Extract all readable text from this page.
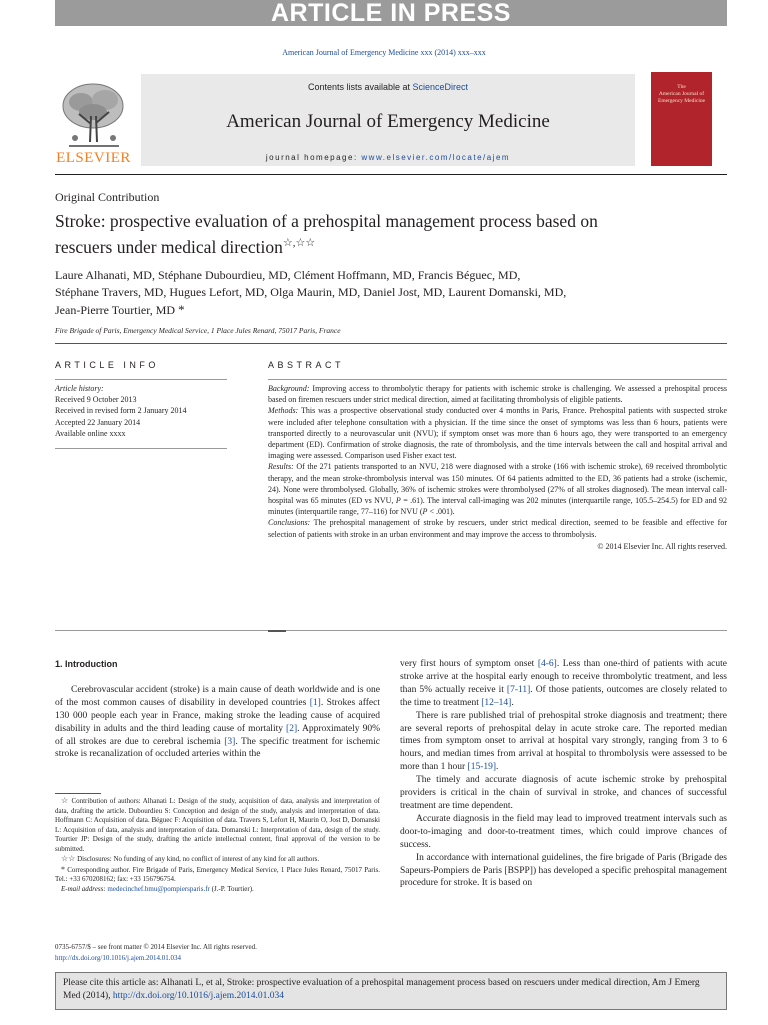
ARTICLE IN PRESS
American Journal of Emergency Medicine xxx (2014) xxx–xxx
ELSEVIER
Contents lists available at ScienceDirect
American Journal of Emergency Medicine
journal homepage: www.elsevier.com/locate/ajem
The
American Journal of
Emergency Medicine
Original Contribution
Stroke: prospective evaluation of a prehospital management process based on
rescuers under medical direction☆,☆☆
Laure Alhanati, MD, Stéphane Dubourdieu, MD, Clément Hoffmann, MD, Francis Béguec, MD,
Stéphane Travers, MD, Hugues Lefort, MD, Olga Maurin, MD, Daniel Jost, MD, Laurent Domanski, MD,
Jean-Pierre Tourtier, MD *
Fire Brigade of Paris, Emergency Medical Service, 1 Place Jules Renard, 75017 Paris, France
ARTICLE INFO	ABSTRACT
Article history:
Received 9 October 2013
Received in revised form 2 January 2014
Accepted 22 January 2014
Available online xxxx

Background: Improving access to thrombolytic therapy for patients with ischemic stroke is challenging. We assessed a prehospital process based on firemen rescuers under strict medical direction, aimed at facilitating thrombolysis of eligible patients.

Methods: This was a prospective observational study conducted over 4 months in Paris, France. Prehospital patients with suspected stroke were included after telephone consultation with a physician. If the time since the onset of symptoms was less than 6 hours, patients were transported directly to a neurovascular unit (NVU); if symptom onset was more than 6 hours ago, they were transported to an emergency department (ED). Confirmation of stroke diagnosis, the rate of thrombolysis, and the time intervals between the call and hospital arrival and imaging were assessed. Comparison used Fisher exact test.

Results: Of the 271 patients transported to an NVU, 218 were diagnosed with a stroke (166 with ischemic stroke), 69 received thrombolytic therapy, and the mean stroke-thrombolysis interval was 150 minutes. Of 64 patients admitted to the ED, 36 patients had a stroke (ischemic, 24). None were thrombolysed. Globally, 36% of ischemic strokes were thrombolysed (27% of all strokes diagnosed). The mean interval call-hospital was 65 minutes (ED vs NVU, P = .61). The interval call-imaging was 202 minutes (interquartile range, 105.5–254.5) for ED and 92 minutes (interquartile range, 77–116) for NVU (P < .001).

Conclusions: The prehospital management of stroke by rescuers, under strict medical direction, seemed to be feasible and effective for selection of patients with stroke in an urban environment and may improve the access to thrombolysis.

© 2014 Elsevier Inc. All rights reserved.

1. Introduction

Cerebrovascular accident (stroke) is a main cause of death worldwide and is one of the most common causes of disability in developed countries [1]. Strokes affect 130 000 people each year in France, making stroke the leading cause of acquired disability in adults and the third leading cause of mortality [2]. Approximately 90% of all strokes are due to cerebral ischemia [3]. The specific treatment for ischemic stroke is recanalization of occluded arteries within the

very first hours of symptom onset [4-6]. Less than one-third of patients with acute stroke arrive at the hospital early enough to receive thrombolytic treatment, and less than 5% actually receive it [7-11]. Of those patients, outcomes are closely related to the time to treatment [12–14].

There is rare published trial of prehospital stroke diagnosis and treatment; there are several reports of prehospital delay in acute stroke care. The reported median times from symptom onset to arrival at hospital vary strongly, ranging from 3 to 6 hours, and median times from arrival at hospital to thrombolysis were assessed to be more than 1 hour [15-19].

The timely and accurate diagnosis of acute ischemic stroke by prehospital providers is critical in the chain of survival in stroke, and chances of successful treatment are time dependent.

Accurate diagnosis in the field may lead to improved treatment intervals such as door-to-imaging and door-to-treatment times, which could improve chances of success.

In accordance with international guidelines, the fire brigade of Paris (Brigade des Sapeurs-Pompiers de Paris [BSPP]) has developed a specific prehospital management procedure for stroke. It is based on

☆ Contribution of authors: Alhanati L: Design of the study, acquisition of data, analysis and interpretation of data, drafting the article. Dubourdieu S: Conception and design of the study, analysis and interpretation of data. Hoffmann C: Acquisition of data. Béguec F: Acquisition of data. Travers S, Lefort H, Maurin O, Jost D, Domanski L: Acquisition of data, analysis and interpretation of data. Domanski L: Interpretation of data, design of the study. Tourtier JP: Design of the study, drafting the article intellectual content, final approval of the version to be submitted.

☆☆ Disclosures: No funding of any kind, no conflict of interest of any kind for all authors.

* Corresponding author. Fire Brigade of Paris, Emergency Medical Service, 1 Place Jules Renard, 75017 Paris. Tel.: +33 670208162; fax: +33 156796754.

E-mail address: medecinchef.bmu@pompiersparis.fr (J.-P. Tourtier).

0735-6757/$ – see front matter © 2014 Elsevier Inc. All rights reserved.
http://dx.doi.org/10.1016/j.ajem.2014.01.034
Please cite this article as: Alhanati L, et al, Stroke: prospective evaluation of a prehospital management process based on rescuers under medical direction, Am J Emerg Med (2014), http://dx.doi.org/10.1016/j.ajem.2014.01.034
